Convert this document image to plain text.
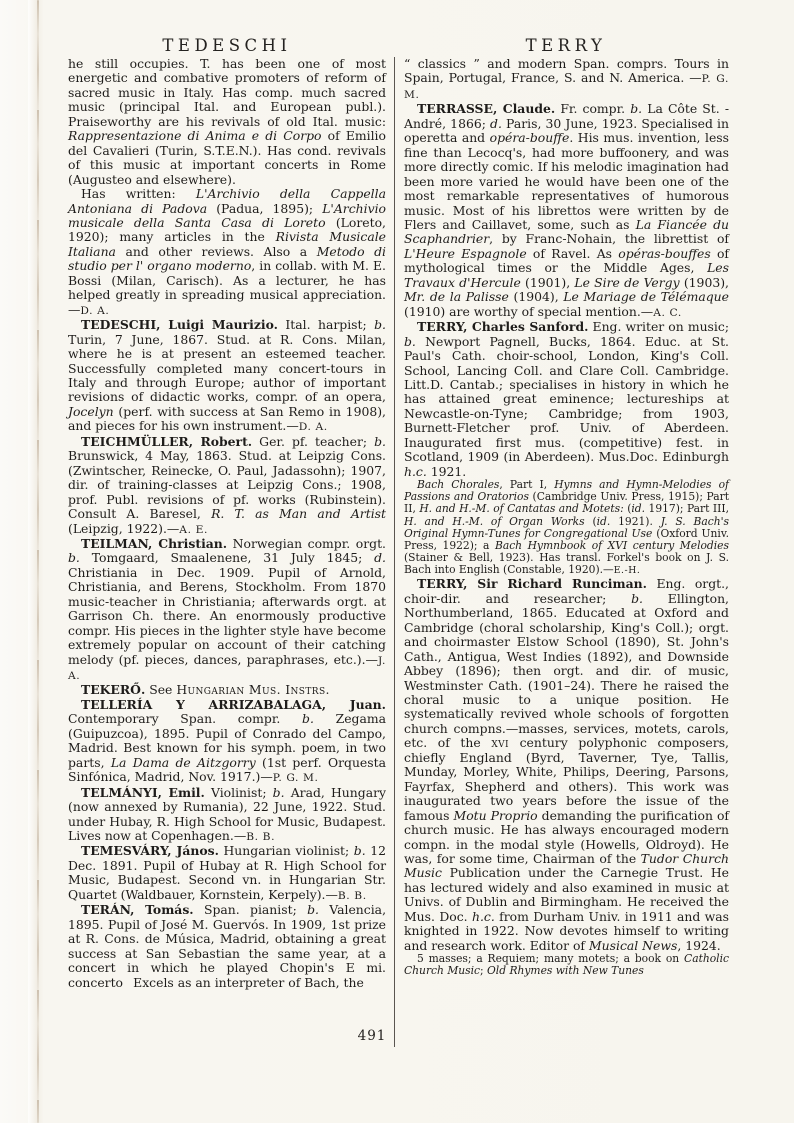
TEDESCHI	TERRY

he still occupies. T. has been one of most energetic and combative promoters of reform of sacred music in Italy. Has comp. much sacred music (principal Ital. and European publ.). Praiseworthy are his revivals of old Ital. music: Rappresentazione di Anima e di Corpo of Emilio del Cavalieri (Turin, S.T.E.N.). Has cond. revivals of this music at important concerts in Rome (Augusteo and elsewhere).

Has written: L'Archivio della Cappella Antoniana di Padova (Padua, 1895); L'Archivio musicale della Santa Casa di Loreto (Loreto, 1920); many articles in the Rivista Musicale Italiana and other reviews. Also a Metodo di studio per l' organo moderno, in collab. with M. E. Bossi (Milan, Carisch). As a lecturer, he has helped greatly in spreading musical appreciation.—D. A.

TEDESCHI, Luigi Maurizio. Ital. harpist; b. Turin, 7 June, 1867. Stud. at R. Cons. Milan, where he is at present an esteemed teacher. Successfully completed many concert-tours in Italy and through Europe; author of important revisions of didactic works, compr. of an opera, Jocelyn (perf. with success at San Remo in 1908), and pieces for his own instrument.—D. A.

TEICHMÜLLER, Robert. Ger. pf. teacher; b. Brunswick, 4 May, 1863. Stud. at Leipzig Cons. (Zwintscher, Reinecke, O. Paul, Jadassohn); 1907, dir. of training-classes at Leipzig Cons.; 1908, prof. Publ. revisions of pf. works (Rubinstein). Consult A. Baresel, R. T. as Man and Artist (Leipzig, 1922).—A. E.

TEILMAN, Christian. Norwegian compr. orgt. b. Tomgaard, Smaalenene, 31 July 1845; d. Christiania in Dec. 1909. Pupil of Arnold, Christiania, and Berens, Stockholm. From 1870 music-teacher in Christiania; afterwards orgt. at Garrison Ch. there. An enormously productive compr. His pieces in the lighter style have become extremely popular on account of their catching melody (pf. pieces, dances, paraphrases, etc.).—J. A.

TEKERŐ. See Hungarian Mus. Instrs.

TELLERÍA Y ARRIZABALAGA, Juan. Contemporary Span. compr. b. Zegama (Guipuzcoa), 1895. Pupil of Conrado del Campo, Madrid. Best known for his symph. poem, in two parts, La Dama de Aitzgorry (1st perf. Orquesta Sinfónica, Madrid, Nov. 1917.)—P. G. M.

TELMÁNYI, Emil. Violinist; b. Arad, Hungary (now annexed by Rumania), 22 June, 1922. Stud. under Hubay, R. High School for Music, Budapest. Lives now at Copenhagen.—B. B.

TEMESVÁRY, János. Hungarian violinist; b. 12 Dec. 1891. Pupil of Hubay at R. High School for Music, Budapest. Second vn. in Hungarian Str. Quartet (Waldbauer, Kornstein, Kerpely).—B. B.

TERÁN, Tomás. Span. pianist; b. Valencia, 1895. Pupil of José M. Guervós. In 1909, 1st prize at R. Cons. de Música, Madrid, obtaining a great success at San Sebastian the same year, at a concert in which he played Chopin's E mi. concerto  Excels as an interpreter of Bach, the

“ classics ” and modern Span. comprs. Tours in Spain, Portugal, France, S. and N. America. —P. G. M.

TERRASSE, Claude. Fr. compr. b. La Côte St. - André, 1866; d. Paris, 30 June, 1923. Specialised in operetta and opéra-bouffe. His mus. invention, less fine than Lecocq's, had more buffoonery, and was more directly comic. If his melodic imagination had been more varied he would have been one of the most remarkable representatives of humorous music. Most of his librettos were written by de Flers and Caillavet, some, such as La Fiancée du Scaphandrier, by Franc-Nohain, the librettist of L'Heure Espagnole of Ravel. As opéras-bouffes of mythological times or the Middle Ages, Les Travaux d'Hercule (1901), Le Sire de Vergy (1903), Mr. de la Palisse (1904), Le Mariage de Télémaque (1910) are worthy of special mention.—A. C.

TERRY, Charles Sanford. Eng. writer on music; b. Newport Pagnell, Bucks, 1864. Educ. at St. Paul's Cath. choir-school, London, King's Coll. School, Lancing Coll. and Clare Coll. Cambridge. Litt.D. Cantab.; specialises in history in which he has attained great eminence; lectureships at Newcastle-on-Tyne; Cambridge; from 1903, Burnett-Fletcher prof. Univ. of Aberdeen. Inaugurated first mus. (competitive) fest. in Scotland, 1909 (in Aberdeen). Mus.Doc. Edinburgh h.c. 1921.

Bach Chorales, Part I, Hymns and Hymn-Melodies of Passions and Oratorios (Cambridge Univ. Press, 1915); Part II, H. and H.-M. of Cantatas and Motets: (id. 1917); Part III, H. and H.-M. of Organ Works (id. 1921). J. S. Bach's Original Hymn-Tunes for Congregational Use (Oxford Univ. Press, 1922); a Bach Hymnbook of XVI century Melodies (Stainer & Bell, 1923). Has transl. Forkel's book on J. S. Bach into English (Constable, 1920).—E.-H.

TERRY, Sir Richard Runciman. Eng. orgt., choir-dir. and researcher; b. Ellington, Northumberland, 1865. Educated at Oxford and Cambridge (choral scholarship, King's Coll.); orgt. and choirmaster Elstow School (1890), St. John's Cath., Antigua, West Indies (1892), and Downside Abbey (1896); then orgt. and dir. of music, Westminster Cath. (1901–24). There he raised the choral music to a unique position. He systematically revived whole schools of forgotten church compns.—masses, services, motets, carols, etc. of the xvi century polyphonic composers, chiefly England (Byrd, Taverner, Tye, Tallis, Munday, Morley, White, Philips, Deering, Parsons, Fayrfax, Shepherd and others). This work was inaugurated two years before the issue of the famous Motu Proprio demanding the purification of church music. He has always encouraged modern compn. in the modal style (Howells, Oldroyd). He was, for some time, Chairman of the Tudor Church Music Publication under the Carnegie Trust. He has lectured widely and also examined in music at Univs. of Dublin and Birmingham. He received the Mus. Doc. h.c. from Durham Univ. in 1911 and was knighted in 1922. Now devotes himself to writing and research work. Editor of Musical News, 1924.

5 masses; a Requiem; many motets; a book on Catholic Church Music; Old Rhymes with New Tunes

491
